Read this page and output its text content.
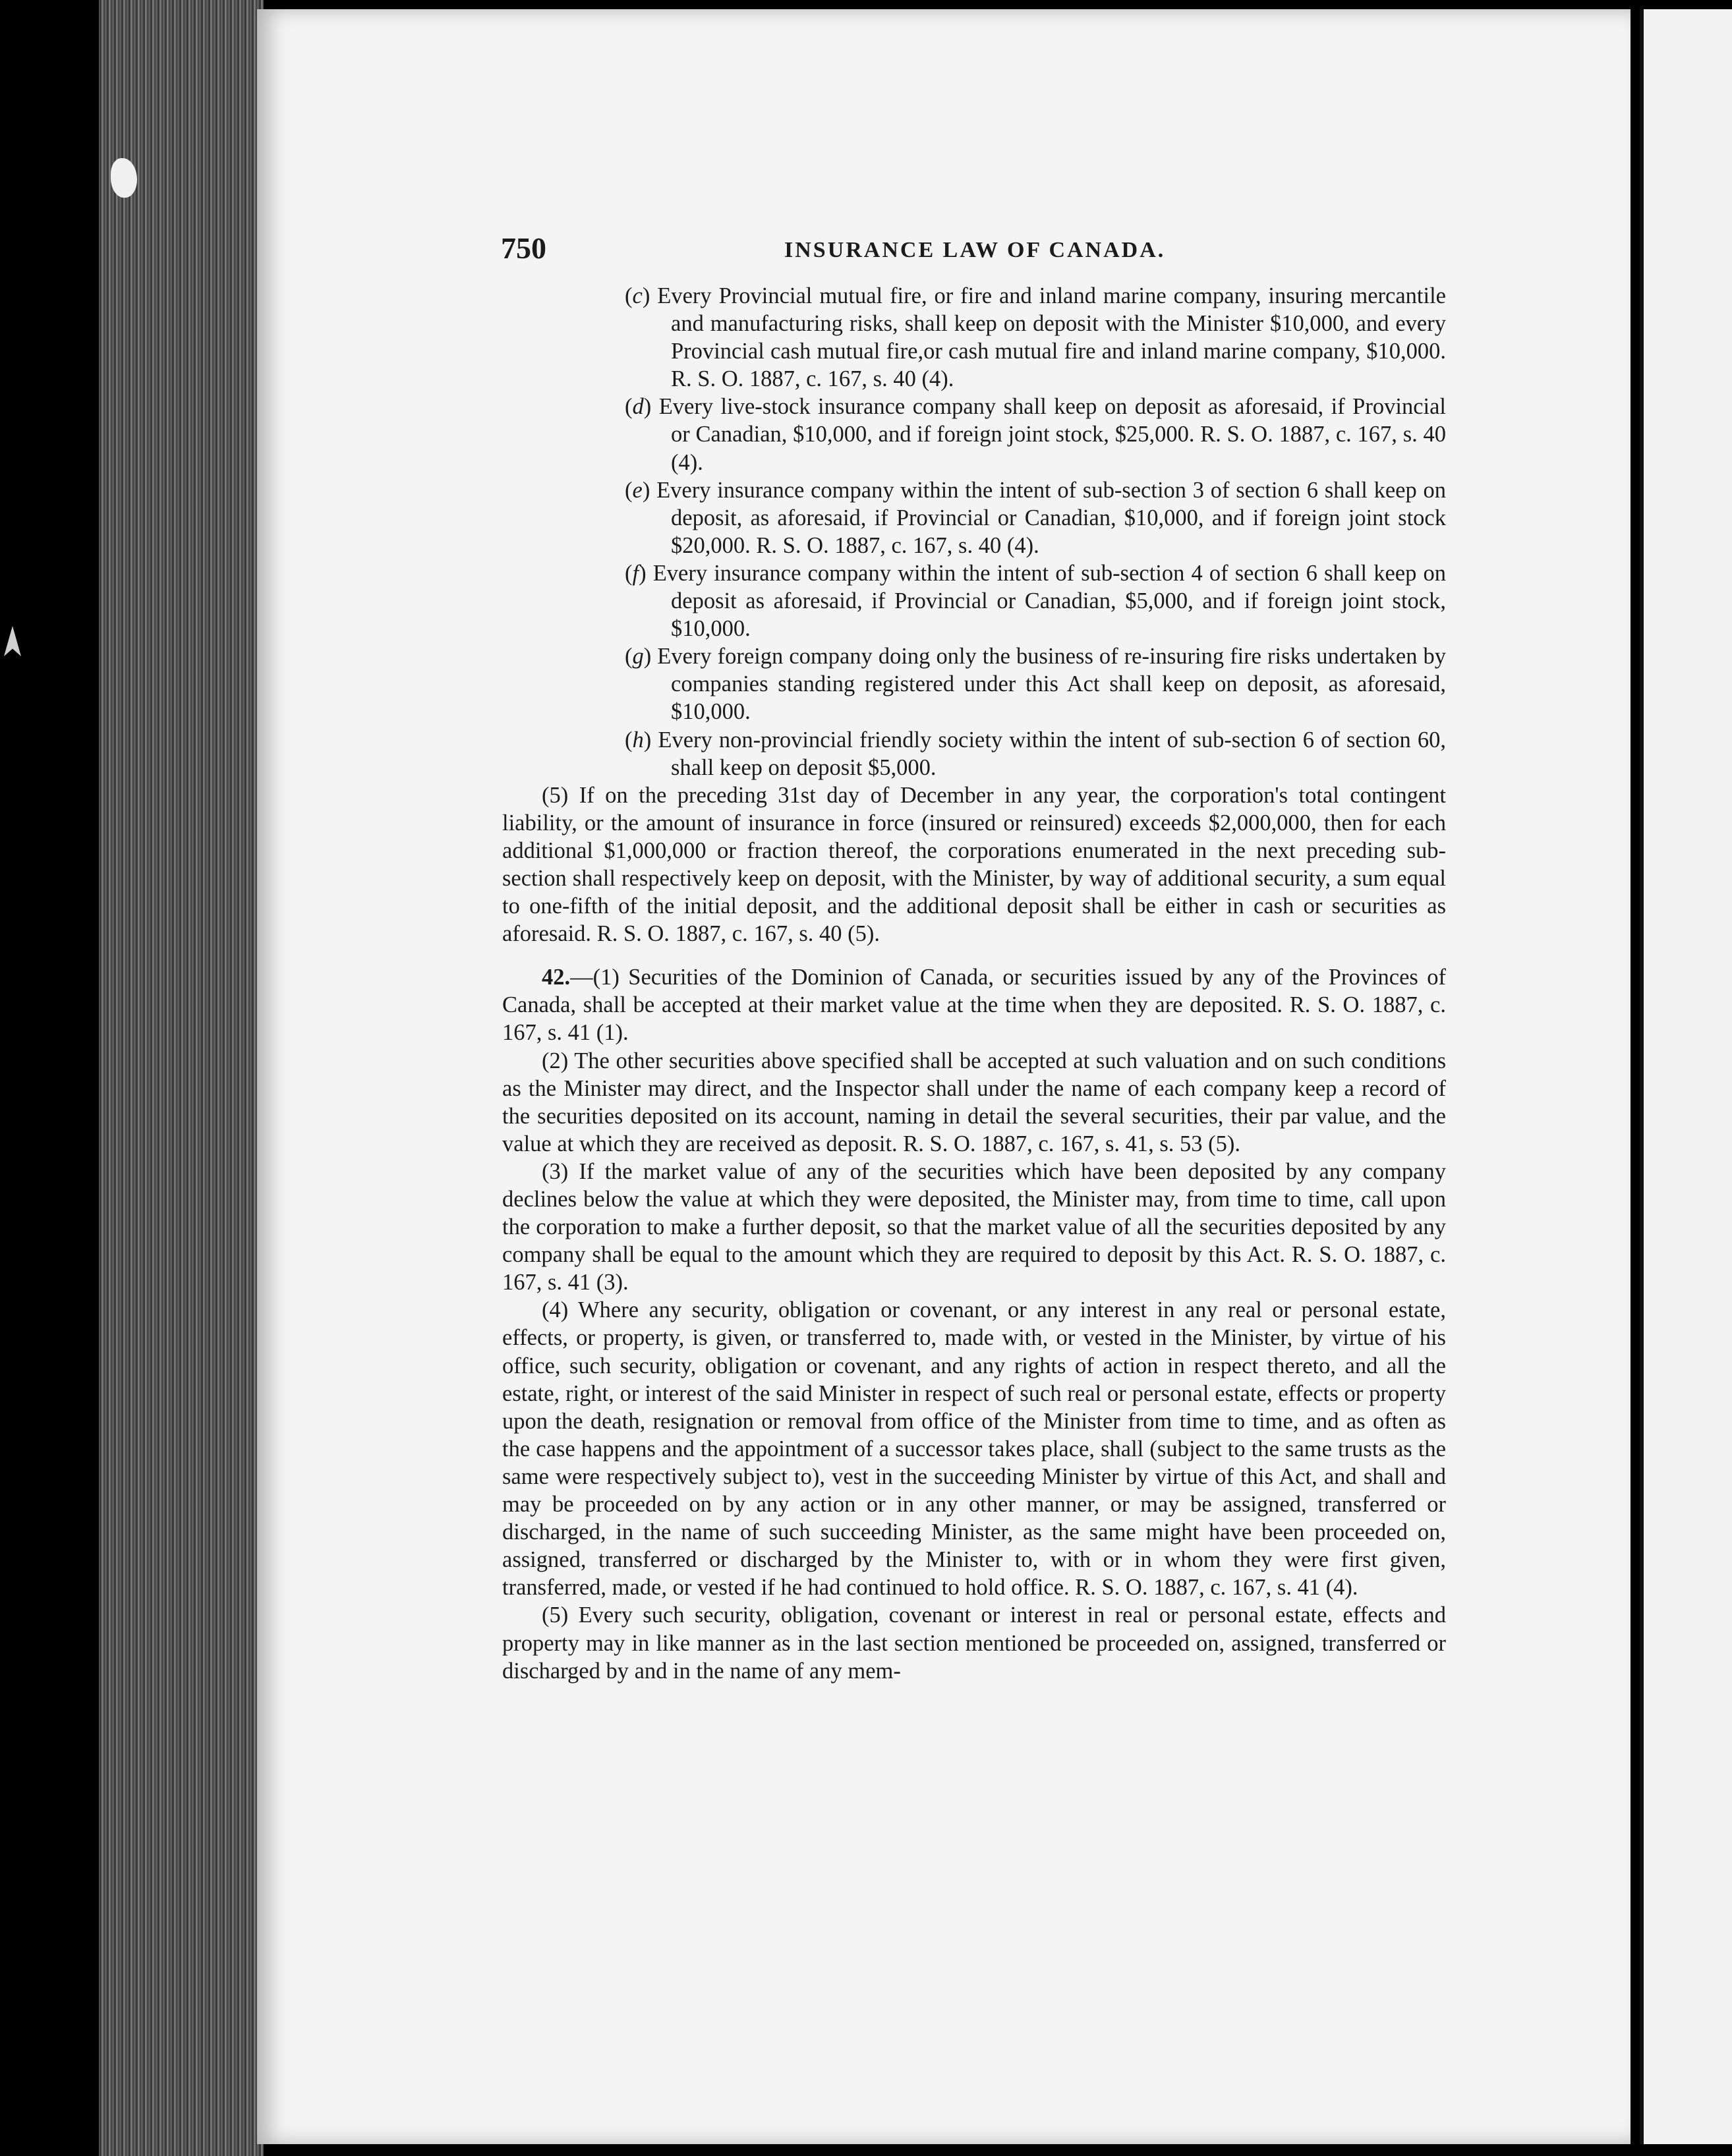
750	INSURANCE LAW OF CANADA.

(c) Every Provincial mutual fire, or fire and inland marine company, insuring mercantile and manufacturing risks, shall keep on deposit with the Minister $10,000, and every Provincial cash mutual fire,or cash mutual fire and inland marine company, $10,000. R. S. O. 1887, c. 167, s. 40 (4).

(d) Every live-stock insurance company shall keep on deposit as aforesaid, if Provincial or Canadian, $10,000, and if foreign joint stock, $25,000. R. S. O. 1887, c. 167, s. 40 (4).

(e) Every insurance company within the intent of sub-section 3 of section 6 shall keep on deposit, as aforesaid, if Provincial or Canadian, $10,000, and if foreign joint stock $20,000. R. S. O. 1887, c. 167, s. 40 (4).

(f) Every insurance company within the intent of sub-section 4 of section 6 shall keep on deposit as aforesaid, if Provincial or Canadian, $5,000, and if foreign joint stock, $10,000.

(g) Every foreign company doing only the business of re-insuring fire risks undertaken by companies standing registered under this Act shall keep on deposit, as aforesaid, $10,000.

(h) Every non-provincial friendly society within the intent of sub-section 6 of section 60, shall keep on deposit $5,000.

(5) If on the preceding 31st day of December in any year, the corporation's total contingent liability, or the amount of insurance in force (insured or reinsured) exceeds $2,000,000, then for each additional $1,000,000 or fraction thereof, the corporations enumerated in the next preceding sub-section shall respectively keep on deposit, with the Minister, by way of additional security, a sum equal to one-fifth of the initial deposit, and the additional deposit shall be either in cash or securities as aforesaid. R. S. O. 1887, c. 167, s. 40 (5).

42.—(1) Securities of the Dominion of Canada, or securities issued by any of the Provinces of Canada, shall be accepted at their market value at the time when they are deposited. R. S. O. 1887, c. 167, s. 41 (1).

(2) The other securities above specified shall be accepted at such valuation and on such conditions as the Minister may direct, and the Inspector shall under the name of each company keep a record of the securities deposited on its account, naming in detail the several securities, their par value, and the value at which they are received as deposit. R. S. O. 1887, c. 167, s. 41, s. 53 (5).

(3) If the market value of any of the securities which have been deposited by any company declines below the value at which they were deposited, the Minister may, from time to time, call upon the corporation to make a further deposit, so that the market value of all the securities deposited by any company shall be equal to the amount which they are required to deposit by this Act. R. S. O. 1887, c. 167, s. 41 (3).

(4) Where any security, obligation or covenant, or any interest in any real or personal estate, effects, or property, is given, or transferred to, made with, or vested in the Minister, by virtue of his office, such security, obligation or covenant, and any rights of action in respect thereto, and all the estate, right, or interest of the said Minister in respect of such real or personal estate, effects or property upon the death, resignation or removal from office of the Minister from time to time, and as often as the case happens and the appointment of a successor takes place, shall (subject to the same trusts as the same were respectively subject to), vest in the succeeding Minister by virtue of this Act, and shall and may be proceeded on by any action or in any other manner, or may be assigned, transferred or discharged, in the name of such succeeding Minister, as the same might have been proceeded on, assigned, transferred or discharged by the Minister to, with or in whom they were first given, transferred, made, or vested if he had continued to hold office. R. S. O. 1887, c. 167, s. 41 (4).

(5) Every such security, obligation, covenant or interest in real or personal estate, effects and property may in like manner as in the last section mentioned be proceeded on, assigned, transferred or discharged by and in the name of any mem-
